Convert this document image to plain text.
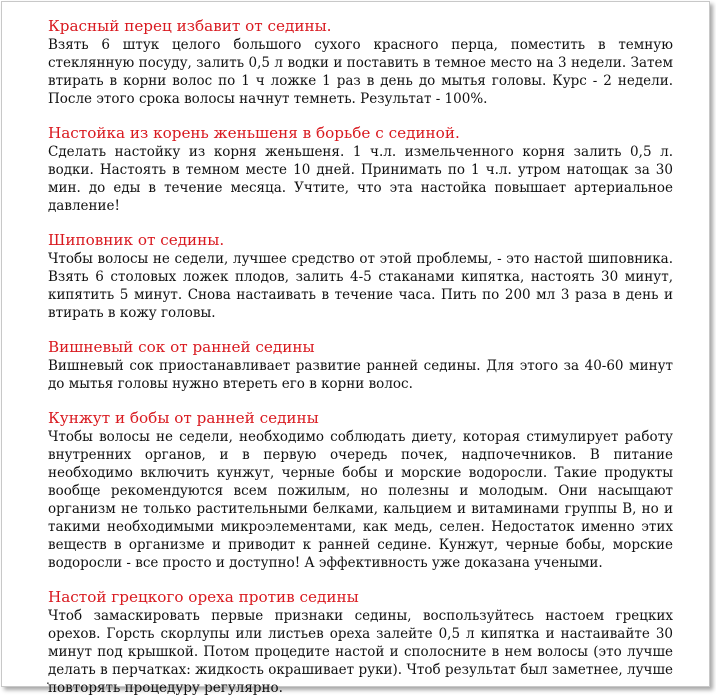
Красный перец избавит от седины.

Взять 6 штук целого большого сухого красного перца, поместить в темную стеклянную посуду, залить 0,5 л водки и поставить в темное место на 3 недели. Затем втирать в корни волос по 1 ч ложке 1 раз в день до мытья головы. Курс - 2 недели. После этого срока волосы начнут темнеть. Результат - 100%.

Настойка из корень женьшеня в борьбе с сединой.

Сделать настойку из корня женьшеня. 1 ч.л. измельченного корня залить 0,5 л. водки. Настоять в темном месте 10 дней. Принимать по 1 ч.л. утром натощак за 30 мин. до еды в течение месяца. Учтите, что эта настойка повышает артериальное давление!

Шиповник от седины.

Чтобы волосы не седели, лучшее средство от этой проблемы, - это настой шиповника. Взять 6 столовых ложек плодов, залить 4-5 стаканами кипятка, настоять 30 минут, кипятить 5 минут. Снова настаивать в течение часа. Пить по 200 мл 3 раза в день и втирать в кожу головы.

Вишневый сок от ранней седины

Вишневый сок приостанавливает развитие ранней седины. Для этого за 40-60 минут до мытья головы нужно втереть его в корни волос.

Кунжут и бобы от ранней седины

Чтобы волосы не седели, необходимо соблюдать диету, которая стимулирует работу внутренних органов, и в первую очередь почек, надпочечников. В питание необходимо включить кунжут, черные бобы и морские водоросли. Такие продукты вообще рекомендуются всем пожилым, но полезны и молодым. Они насыщают организм не только растительными белками, кальцием и витаминами группы В, но и такими необходимыми микроэлементами, как медь, селен. Недостаток именно этих веществ в организме и приводит к ранней седине. Кунжут, черные бобы, морские водоросли - все просто и доступно! А эффективность уже доказана учеными.

Настой грецкого ореха против седины

Чтоб замаскировать первые признаки седины, воспользуйтесь настоем грецких орехов. Горсть скорлупы или листьев ореха залейте 0,5 л кипятка и настаивайте 30 минут под крышкой. Потом процедите настой и сполосните в нем волосы (это лучше делать в перчатках: жидкость окрашивает руки). Чтоб результат был заметнее, лучше повторять процедуру регулярно.

.
